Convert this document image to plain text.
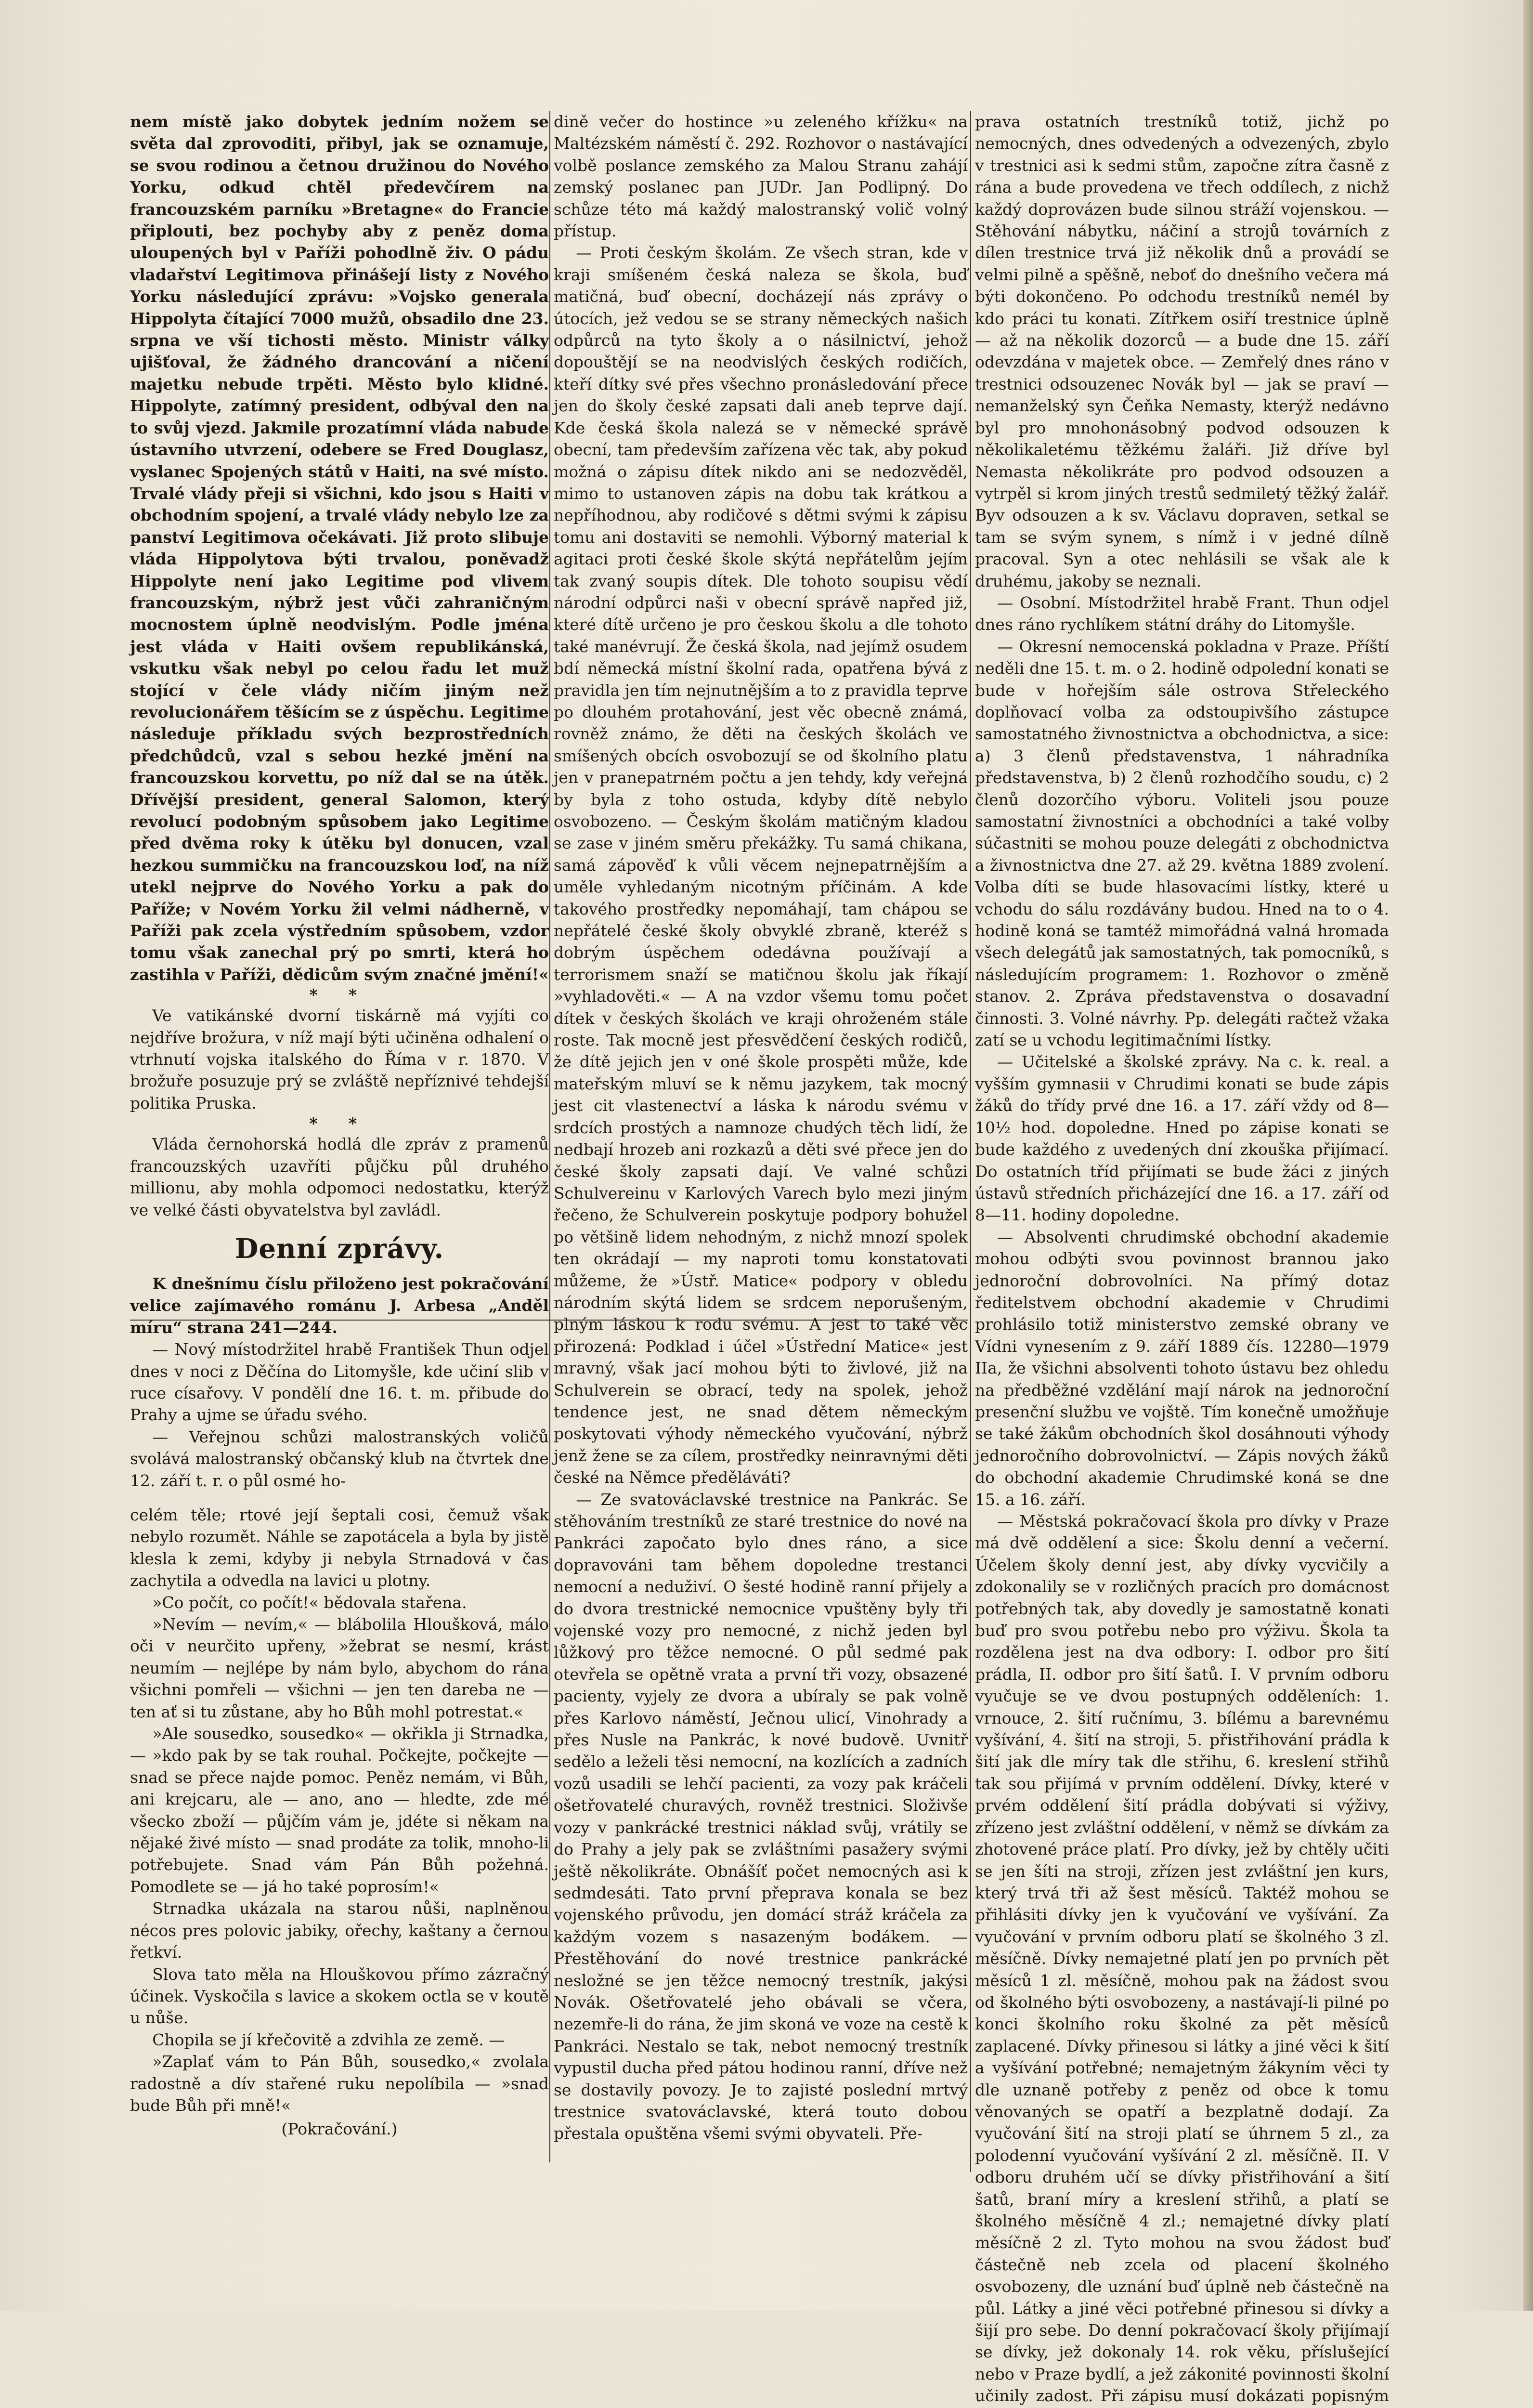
nem místě jako dobytek jedním nožem se světa dal zprovoditi, přibyl, jak se oznamuje, se svou rodinou a četnou družinou do Nového Yorku, odkud chtěl předevčírem na francouzském parníku »Bretagne« do Francie připlouti, bez pochyby aby z peněz doma uloupených byl v Paříži pohodlně živ. O pádu vladařství Legitimova přinášejí listy z Nového Yorku následující zprávu: »Vojsko generala Hippolyta čítající 7000 mužů, obsadilo dne 23. srpna ve vší tichosti město. Ministr války ujišťoval, že žádného drancování a ničení majetku nebude trpěti. Město bylo klidné. Hippolyte, zatímný president, odbýval den na to svůj vjezd. Jakmile prozatímní vláda nabude ústavního utvrzení, odebere se Fred Douglasz, vyslanec Spojených států v Haiti, na své místo. Trvalé vlády přeji si všichni, kdo jsou s Haiti v obchodním spojení, a trvalé vlády nebylo lze za panství Legitimova očekávati. Již proto slibuje vláda Hippolytova býti trvalou, poněvadž Hippolyte není jako Legitime pod vlivem francouzským, nýbrž jest vůči zahraničným mocnostem úplně neodvislým. Podle jména jest vláda v Haiti ovšem republikánská, vskutku však nebyl po celou řadu let muž stojící v čele vlády ničím jiným než revolucionářem těšícím se z úspěchu. Legitime následuje příkladu svých bezprostředních předchůdců, vzal s sebou hezké jmění na francouzskou korvettu, po níž dal se na útěk. Dřívější president, general Salomon, který revolucí podobným spůsobem jako Legitime před dvěma roky k útěku byl donucen, vzal hezkou summičku na francouzskou loď, na níž utekl nejprve do Nového Yorku a pak do Paříže; v Novém Yorku žil velmi nádherně, v Paříži pak zcela výstředním spůsobem, vzdor tomu však zanechal prý po smrti, která ho zastihla v Paříži, dědicům svým značné jmění!«

* *

Ve vatikánské dvorní tiskárně má vyjíti co nejdříve brožura, v níž mají býti učiněna odhalení o vtrhnutí vojska italského do Říma v r. 1870. V brožuře posuzuje prý se zvláště nepříznivé tehdejší politika Pruska.

* *

Vláda černohorská hodlá dle zpráv z pramenů francouzských uzavříti půjčku půl druhého millionu, aby mohla odpomoci nedostatku, kterýž ve velké části obyvatelstva byl zavládl.

Denní zprávy.

K dnešnímu číslu přiloženo jest pokračování velice zajímavého románu J. Arbesa „Anděl míru“ strana 241—244.

— Nový místodržitel hrabě František Thun odjel dnes v noci z Děčína do Litomyšle, kde učiní slib v ruce císařovy. V pondělí dne 16. t. m. přibude do Prahy a ujme se úřadu svého.

— Veřejnou schůzi malostranských voličů svolává malostranský občanský klub na čtvrtek dne 12. září t. r. o půl osmé ho-

celém těle; rtové její šeptali cosi, čemuž však nebylo rozumět. Náhle se zapotácela a byla by jistě klesla k zemi, kdyby ji nebyla Strnadová v čas zachytila a odvedla na lavici u plotny.

»Co počít, co počít!« bědovala stařena.

»Nevím — nevím,« — blábolila Hloušková, málo oči v neurčito upřeny, »žebrat se nesmí, krást neumím — nejlépe by nám bylo, abychom do rána všichni pomřeli — všichni — jen ten dareba ne — ten ať si tu zůstane, aby ho Bůh mohl potrestat.«

»Ale sousedko, sousedko« — okřikla ji Strnadka, — »kdo pak by se tak rouhal. Počkejte, počkejte — snad se přece najde pomoc. Peněz nemám, vi Bůh, ani krejcaru, ale — ano, ano — hledte, zde mé všecko zboží — půjčím vám je, jdéte si někam na nějaké živé místo — snad prodáte za tolik, mnoho-li potřebujete. Snad vám Pán Bůh požehná. Pomodlete se — já ho také poprosím!«

Strnadka ukázala na starou nůši, naplněnou nécos pres polovic jabiky, ořechy, kaštany a černou řetkví.

Slova tato měla na Hlouškovou přímo zázračný účinek. Vyskočila s lavice a skokem octla se v koutě u nůše.

Chopila se jí křečovitě a zdvihla ze země. —

»Zaplať vám to Pán Bůh, sousedko,« zvolala radostně a dív stařené ruku nepolíbila — »snad bude Bůh při mně!«

(Pokračování.)

dině večer do hostince »u zeleného křížku« na Maltézském náměstí č. 292. Rozhovor o nastávající volbě poslance zemského za Malou Stranu zahájí zemský poslanec pan JUDr. Jan Podlipný. Do schůze této má každý malostranský volič volný přístup.

— Proti českým školám. Ze všech stran, kde v kraji smíšeném česká naleza se škola, buď matičná, buď obecní, docházejí nás zprávy o útocích, jež vedou se se strany německých našich odpůrců na tyto školy a o násilnictví, jehož dopouštějí se na neodvislých českých rodičích, kteří dítky své přes všechno pronásledování přece jen do školy české zapsati dali aneb teprve dají. Kde česká škola nalezá se v německé správě obecní, tam především zařízena věc tak, aby pokud možná o zápisu dítek nikdo ani se nedozvěděl, mimo to ustanoven zápis na dobu tak krátkou a nepříhodnou, aby rodičové s dětmi svými k zápisu tomu ani dostaviti se nemohli. Výborný material k agitaci proti české škole skýtá nepřátelům jejím tak zvaný soupis dítek. Dle tohoto soupisu vědí národní odpůrci naši v obecní správě napřed již, které dítě určeno je pro českou školu a dle tohoto také manévrují. Že česká škola, nad jejímž osudem bdí německá místní školní rada, opatřena bývá z pravidla jen tím nejnutnějším a to z pravidla teprve po dlouhém protahování, jest věc obecně známá, rovněž známo, že děti na českých školách ve smíšených obcích osvobozují se od školního platu jen v pranepatrném počtu a jen tehdy, kdy veřejná by byla z toho ostuda, kdyby dítě nebylo osvobozeno. — Českým školám matičným kladou se zase v jiném směru překážky. Tu samá chikana, samá zápověď k vůli věcem nejnepatrnějším a uměle vyhledaným nicotným příčinám. A kde takového prostředky nepomáhají, tam chápou se nepřátelé české školy obvyklé zbraně, kteréž s dobrým úspěchem odedávna používají a terrorismem snaží se matičnou školu jak říkají »vyhladověti.« — A na vzdor všemu tomu počet dítek v českých školách ve kraji ohroženém stále roste. Tak mocně jest přesvědčení českých rodičů, že dítě jejich jen v oné škole prospěti může, kde mateřským mluví se k němu jazykem, tak mocný jest cit vlastenectví a láska k národu svému v srdcích prostých a namnoze chudých těch lidí, že nedbají hrozeb ani rozkazů a děti své přece jen do české školy zapsati dají. Ve valné schůzi Schulvereinu v Karlových Varech bylo mezi jiným řečeno, že Schulverein poskytuje podpory bohužel po většině lidem nehodným, z nichž mnozí spolek ten okrádají — my naproti tomu konstatovati můžeme, že »Ústř. Matice« podpory v obledu národním skýtá lidem se srdcem neporušeným, plným láskou k rodu svému. A jest to také věc přirozená: Podklad i účel »Ústřední Matice« jest mravný, však jací mohou býti to živlové, již na Schulverein se obrací, tedy na spolek, jehož tendence jest, ne snad dětem německým poskytovati výhody německého vyučování, nýbrž jenž žene se za cílem, prostředky neinravnými děti české na Němce předěláváti?

— Ze svatováclavské trestnice na Pankrác. Se stěhováním trestníků ze staré trestnice do nové na Pankráci započato bylo dnes ráno, a sice dopravováni tam během dopoledne trestanci nemocní a neduživí. O šesté hodině ranní přijely a do dvora trestnické nemocnice vpuštěny byly tři vojenské vozy pro nemocné, z nichž jeden byl lůžkový pro těžce nemocné. O půl sedmé pak otevřela se opětně vrata a první tři vozy, obsazené pacienty, vyjely ze dvora a ubíraly se pak volně přes Karlovo náměstí, Ječnou ulicí, Vinohrady a přes Nusle na Pankrác, k nové budově. Uvnitř sedělo a leželi těsi nemocní, na kozlících a zadních vozů usadili se lehčí pacienti, za vozy pak kráčeli ošetřovatelé churavých, rovněž trestnici. Složivše vozy v pankrácké trestnici náklad svůj, vrátily se do Prahy a jely pak se zvláštními pasažery svými ještě několikráte. Obnášíť počet nemocných asi k sedmdesáti. Tato první přeprava konala se bez vojenského průvodu, jen domácí stráž kráčela za každým vozem s nasazeným bodákem. — Přestěhování do nové trestnice pankrácké nesložné se jen těžce nemocný trestník, jakýsi Novák. Ošetřovatelé jeho obávali se včera, nezemře-li do rána, že jim skoná ve voze na cestě k Pankráci. Nestalo se tak, nebot nemocný trestník vypustil ducha před pátou hodinou ranní, dříve než se dostavily povozy. Je to zajisté poslední mrtvý trestnice svatováclavské, která touto dobou přestala opuštěna všemi svými obyvateli. Pře-

prava ostatních trestníků totiž, jichž po nemocných, dnes odvedených a odvezených, zbylo v trestnici asi k sedmi stům, započne zítra časně z rána a bude provedena ve třech oddílech, z nichž každý doprovázen bude silnou stráží vojenskou. — Stěhování nábytku, náčiní a strojů továrních z dílen trestnice trvá již několik dnů a provádí se velmi pilně a spěšně, neboť do dnešního večera má býti dokončeno. Po odchodu trestníků nemél by kdo práci tu konati. Zítřkem osiří trestnice úplně — až na několik dozorců — a bude dne 15. září odevzdána v majetek obce. — Zemřelý dnes ráno v trestnici odsouzenec Novák byl — jak se praví — nemanželský syn Čeňka Nemasty, kterýž nedávno byl pro mnohonásobný podvod odsouzen k několikaletému těžkému žaláři. Již dříve byl Nemasta několikráte pro podvod odsouzen a vytrpěl si krom jiných trestů sedmiletý těžký žalář. Byv odsouzen a k sv. Václavu dopraven, setkal se tam se svým synem, s nímž i v jedné dílně pracoval. Syn a otec nehlásili se však ale k druhému, jakoby se neznali.

— Osobní. Místodržitel hrabě Frant. Thun odjel dnes ráno rychlíkem státní dráhy do Litomyšle.

— Okresní nemocenská pokladna v Praze. Příští neděli dne 15. t. m. o 2. hodině odpolední konati se bude v hořejším sále ostrova Střeleckého doplňovací volba za odstoupivšího zástupce samostatného živnostnictva a obchodnictva, a sice: a) 3 členů představenstva, 1 náhradníka představenstva, b) 2 členů rozhodčího soudu, c) 2 členů dozorčího výboru. Voliteli jsou pouze samostatní živnostníci a obchodníci a také volby súčastniti se mohou pouze delegáti z obchodnictva a živnostnictva dne 27. až 29. května 1889 zvolení. Volba díti se bude hlasovacími lístky, které u vchodu do sálu rozdávány budou. Hned na to o 4. hodině koná se tamtéž mimořádná valná hromada všech delegátů jak samostatných, tak pomocníků, s následujícím programem: 1. Rozhovor o změně stanov. 2. Zpráva představenstva o dosavadní činnosti. 3. Volné návrhy. Pp. delegáti račtež vžaka zatí se u vchodu legitimačními lístky.

— Učitelské a školské zprávy. Na c. k. real. a vyšším gymnasii v Chrudimi konati se bude zápis žáků do třídy prvé dne 16. a 17. září vždy od 8—10½ hod. dopoledne. Hned po zápise konati se bude každého z uvedených dní zkouška přijímací. Do ostatních tříd přijímati se bude žáci z jiných ústavů středních přicházející dne 16. a 17. září od 8—11. hodiny dopoledne.

— Absolventi chrudimské obchodní akademie mohou odbýti svou povinnost brannou jako jednoroční dobrovolníci. Na přímý dotaz ředitelstvem obchodní akademie v Chrudimi prohlásilo totiž ministerstvo zemské obrany ve Vídni vynesením z 9. září 1889 čís. 12280—1979 IIa, že všichni absolventi tohoto ústavu bez ohledu na předběžné vzdělání mají nárok na jednoroční presenční službu ve vojště. Tím konečně umožňuje se také žákům obchodních škol dosáhnouti výhody jednoročního dobrovolnictví. — Zápis nových žáků do obchodní akademie Chrudimské koná se dne 15. a 16. září.

— Městská pokračovací škola pro dívky v Praze má dvě oddělení a sice: Školu denní a večerní. Účelem školy denní jest, aby dívky vycvičily a zdokonalily se v rozličných pracích pro domácnost potřebných tak, aby dovedly je samostatně konati buď pro svou potřebu nebo pro výživu. Škola ta rozdělena jest na dva odbory: I. odbor pro šití prádla, II. odbor pro šití šatů. I. V prvním odboru vyučuje se ve dvou postupných odděleních: 1. vrnouce, 2. šití ručnímu, 3. bílému a barevnému vyšívání, 4. šití na stroji, 5. přistřihování prádla k šití jak dle míry tak dle střihu, 6. kreslení střihů tak sou přijímá v prvním oddělení. Dívky, které v prvém oddělení šití prádla dobývati si výživy, zřízeno jest zvláštní oddělení, v němž se dívkám za zhotovené práce platí. Pro dívky, jež by chtěly učiti se jen šíti na stroji, zřízen jest zvláštní jen kurs, který trvá tři až šest měsíců. Taktéž mohou se přihlásiti dívky jen k vyučování ve vyšívání. Za vyučování v prvním odboru platí se školného 3 zl. měsíčně. Dívky nemajetné platí jen po prvních pět měsíců 1 zl. měsíčně, mohou pak na žádost svou od školného býti osvobozeny, a nastávají-li pilné po konci školního roku školné za pět měsíců zaplacené. Dívky přinesou si látky a jiné věci k šití a vyšívání potřebné; nemajetným žákyním věci ty dle uznaně potřeby z peněz od obce k tomu věnovaných se opatří a bezplatně dodají. Za vyučování šití na stroji platí se úhrnem 5 zl., za polodenní vyučování vyšívání 2 zl. měsíčně. II. V odboru druhém učí se dívky přistřihování a šití šatů, braní míry a kreslení střihů, a platí se školného měsíčně 4 zl.; nemajetné dívky platí měsíčně 2 zl. Tyto mohou na svou žádost buď částečně neb zcela od placení školného osvobozeny, dle uznání buď úplně neb částečně na půl. Látky a jiné věci potřebné přinesou si dívky a šijí pro sebe. Do denní pokračovací školy přijímají se dívky, jež dokonaly 14. rok věku, příslušející nebo v Praze bydlí, a jež zákonité povinnosti školní učinily zadost. Při zápisu musí dokázati popisným
